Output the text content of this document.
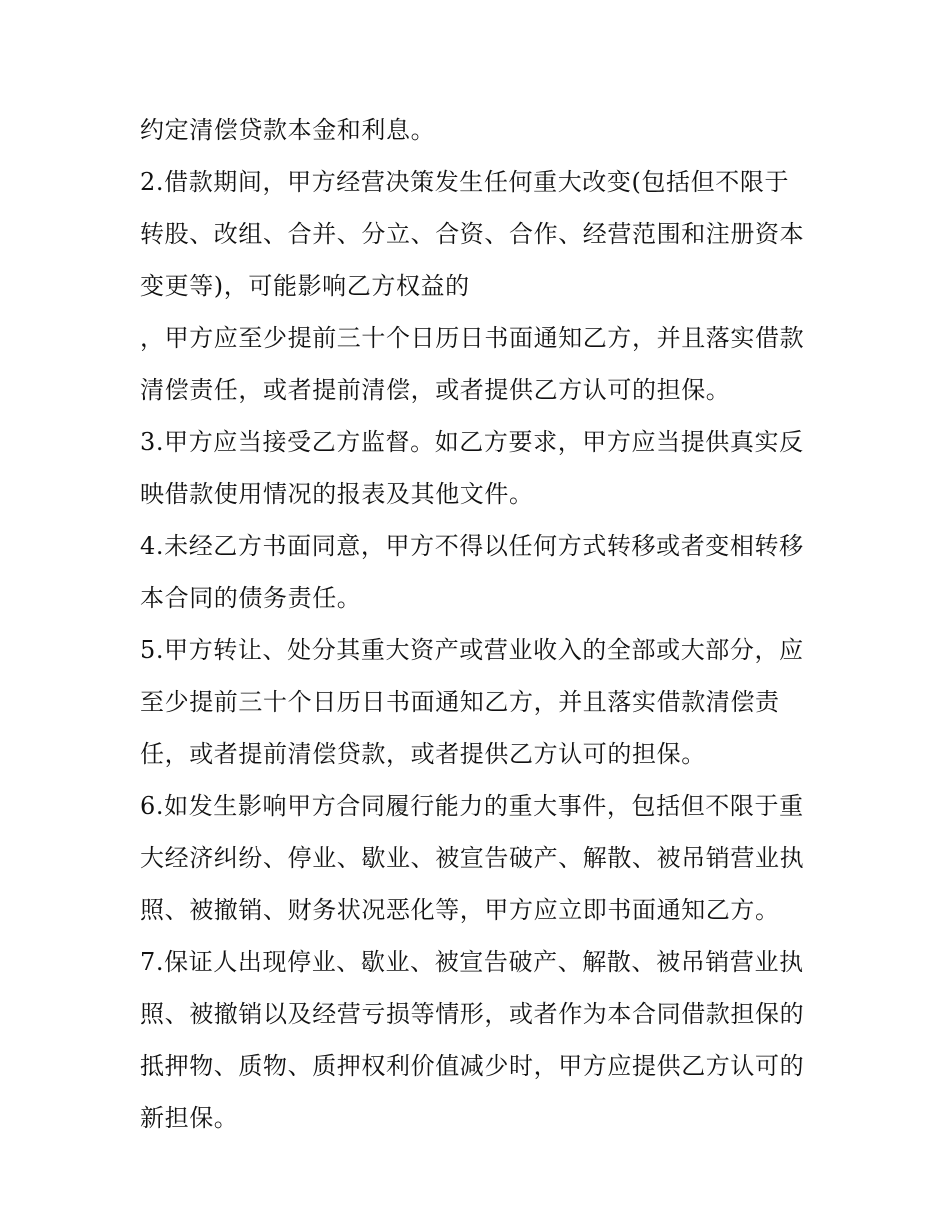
约定清偿贷款本金和利息。
2.借款期间，甲方经营决策发生任何重大改变(包括但不限于
转股、改组、合并、分立、合资、合作、经营范围和注册资本
变更等)，可能影响乙方权益的
，甲方应至少提前三十个日历日书面通知乙方，并且落实借款
清偿责任，或者提前清偿，或者提供乙方认可的担保。
3.甲方应当接受乙方监督。如乙方要求，甲方应当提供真实反
映借款使用情况的报表及其他文件。
4.未经乙方书面同意，甲方不得以任何方式转移或者变相转移
本合同的债务责任。
5.甲方转让、处分其重大资产或营业收入的全部或大部分，应
至少提前三十个日历日书面通知乙方，并且落实借款清偿责
任，或者提前清偿贷款，或者提供乙方认可的担保。
6.如发生影响甲方合同履行能力的重大事件，包括但不限于重
大经济纠纷、停业、歇业、被宣告破产、解散、被吊销营业执
照、被撤销、财务状况恶化等，甲方应立即书面通知乙方。
7.保证人出现停业、歇业、被宣告破产、解散、被吊销营业执
照、被撤销以及经营亏损等情形，或者作为本合同借款担保的
抵押物、质物、质押权利价值减少时，甲方应提供乙方认可的
新担保。
